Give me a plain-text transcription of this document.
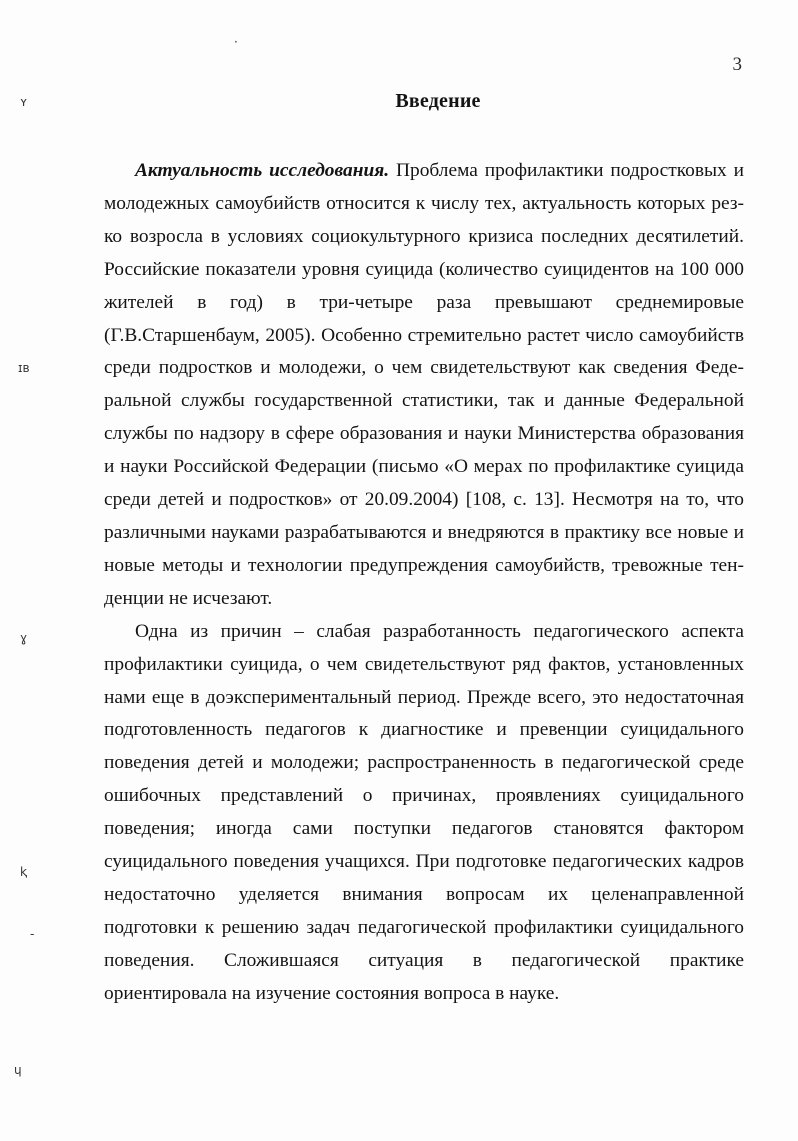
·
ʏ
ɪʙ
ɣ
ⱪ
-
ɥ
3
Введение

Актуальность исследования. Проблема профилактики подростковых и молодежных самоубийств относится к числу тех, актуальность которых резко возросла в условиях социокультурного кризиса последних десятилетий. Российские показатели уровня суицида (количество суицидентов на 100 000 жителей в год) в три-четыре раза превышают среднемировые (Г.В.Старшенбаум, 2005). Особенно стремительно растет число самоубийств среди подростков и молодежи, о чем свидетельствуют как сведения Федеральной службы государственной статистики, так и данные Федеральной службы по надзору в сфере образования и науки Министерства образования и науки Российской Федерации (письмо «О мерах по профилактике суицида среди детей и подростков» от 20.09.2004) [108, с. 13]. Несмотря на то, что различными науками разрабатываются и внедряются в практику все новые и новые методы и технологии предупреждения самоубийств, тревожные тенденции не исчезают.

Одна из причин – слабая разработанность педагогического аспекта профилактики суицида, о чем свидетельствуют ряд фактов, установленных нами еще в доэкспериментальный период. Прежде всего, это недостаточная подготовленность педагогов к диагностике и превенции суицидального поведения детей и молодежи; распространенность в педагогической среде ошибочных представлений о причинах, проявлениях суицидального поведения; иногда сами поступки педагогов становятся фактором суицидального поведения учащихся. При подготовке педагогических кадров недостаточно уделяется внимания вопросам их целенаправленной подготовки к решению задач педагогической профилактики суицидального поведения. Сложившаяся ситуация в педагогической практике ориентировала на изучение состояния вопроса в науке.
